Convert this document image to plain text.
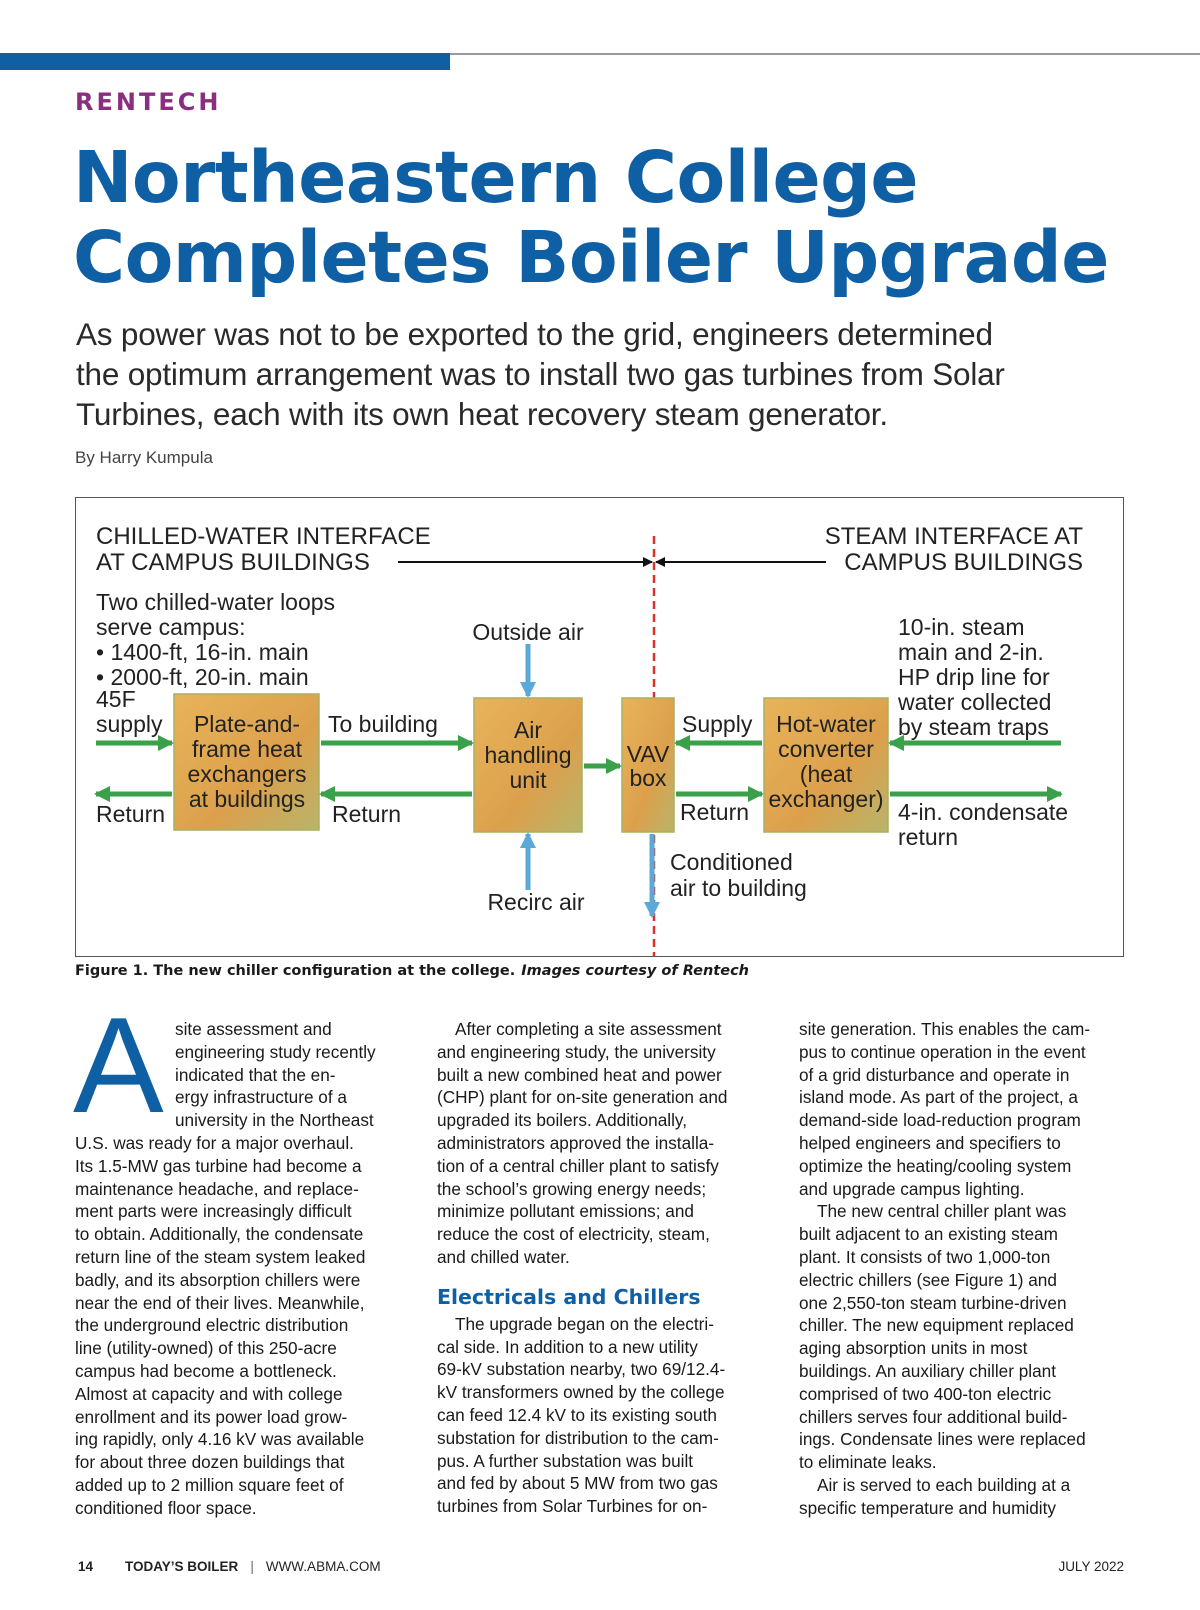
RENTECH
Northeastern College
Completes Boiler Upgrade
As power was not to be exported to the grid, engineers determined
the optimum arrangement was to install two gas turbines from Solar
Turbines, each with its own heat recovery steam generator.
By Harry Kumpula
CHILLED-WATER INTERFACE
AT CAMPUS BUILDINGS
STEAM INTERFACE AT
CAMPUS BUILDINGS
Two chilled-water loops
serve campus:
• 1400-ft, 16-in. main
• 2000-ft, 20-in. main
45F
supply
Return
Plate-and-
frame heat
exchangers
at buildings
To building
Return
Outside air
Air
handling
unit
Recirc air
VAV
box
Supply
Return
Conditioned
air to building
Hot-water
converter
(heat
exchanger)
10-in. steam
main and 2-in.
HP drip line for
water collected
by steam traps
4-in. condensate
return
Figure 1. The new chiller configuration at the college. Images courtesy of Rentech
A site assessment and
engineering study recently
indicated that the en-
ergy infrastructure of a
university in the Northeast
U.S. was ready for a major overhaul.
Its 1.5-MW gas turbine had become a
maintenance headache, and replace-
ment parts were increasingly difficult
to obtain. Additionally, the condensate
return line of the steam system leaked
badly, and its absorption chillers were
near the end of their lives. Meanwhile,
the underground electric distribution
line (utility-owned) of this 250-acre
campus had become a bottleneck.
Almost at capacity and with college
enrollment and its power load grow-
ing rapidly, only 4.16 kV was available
for about three dozen buildings that
added up to 2 million square feet of
conditioned floor space.
After completing a site assessment
and engineering study, the university
built a new combined heat and power
(CHP) plant for on-site generation and
upgraded its boilers. Additionally,
administrators approved the installa-
tion of a central chiller plant to satisfy
the school’s growing energy needs;
minimize pollutant emissions; and
reduce the cost of electricity, steam,
and chilled water.
Electricals and Chillers
The upgrade began on the electri-
cal side. In addition to a new utility
69-kV substation nearby, two 69/12.4-
kV transformers owned by the college
can feed 12.4 kV to its existing south
substation for distribution to the cam-
pus. A further substation was built
and fed by about 5 MW from two gas
turbines from Solar Turbines for on-
site generation. This enables the cam-
pus to continue operation in the event
of a grid disturbance and operate in
island mode. As part of the project, a
demand-side load-reduction program
helped engineers and specifiers to
optimize the heating/cooling system
and upgrade campus lighting.
The new central chiller plant was
built adjacent to an existing steam
plant. It consists of two 1,000-ton
electric chillers (see Figure 1) and
one 2,550-ton steam turbine-driven
chiller. The new equipment replaced
aging absorption units in most
buildings. An auxiliary chiller plant
comprised of two 400-ton electric
chillers serves four additional build-
ings. Condensate lines were replaced
to eliminate leaks.
Air is served to each building at a
specific temperature and humidity
14 TODAY’S BOILER | WWW.ABMA.COM	JULY 2022
